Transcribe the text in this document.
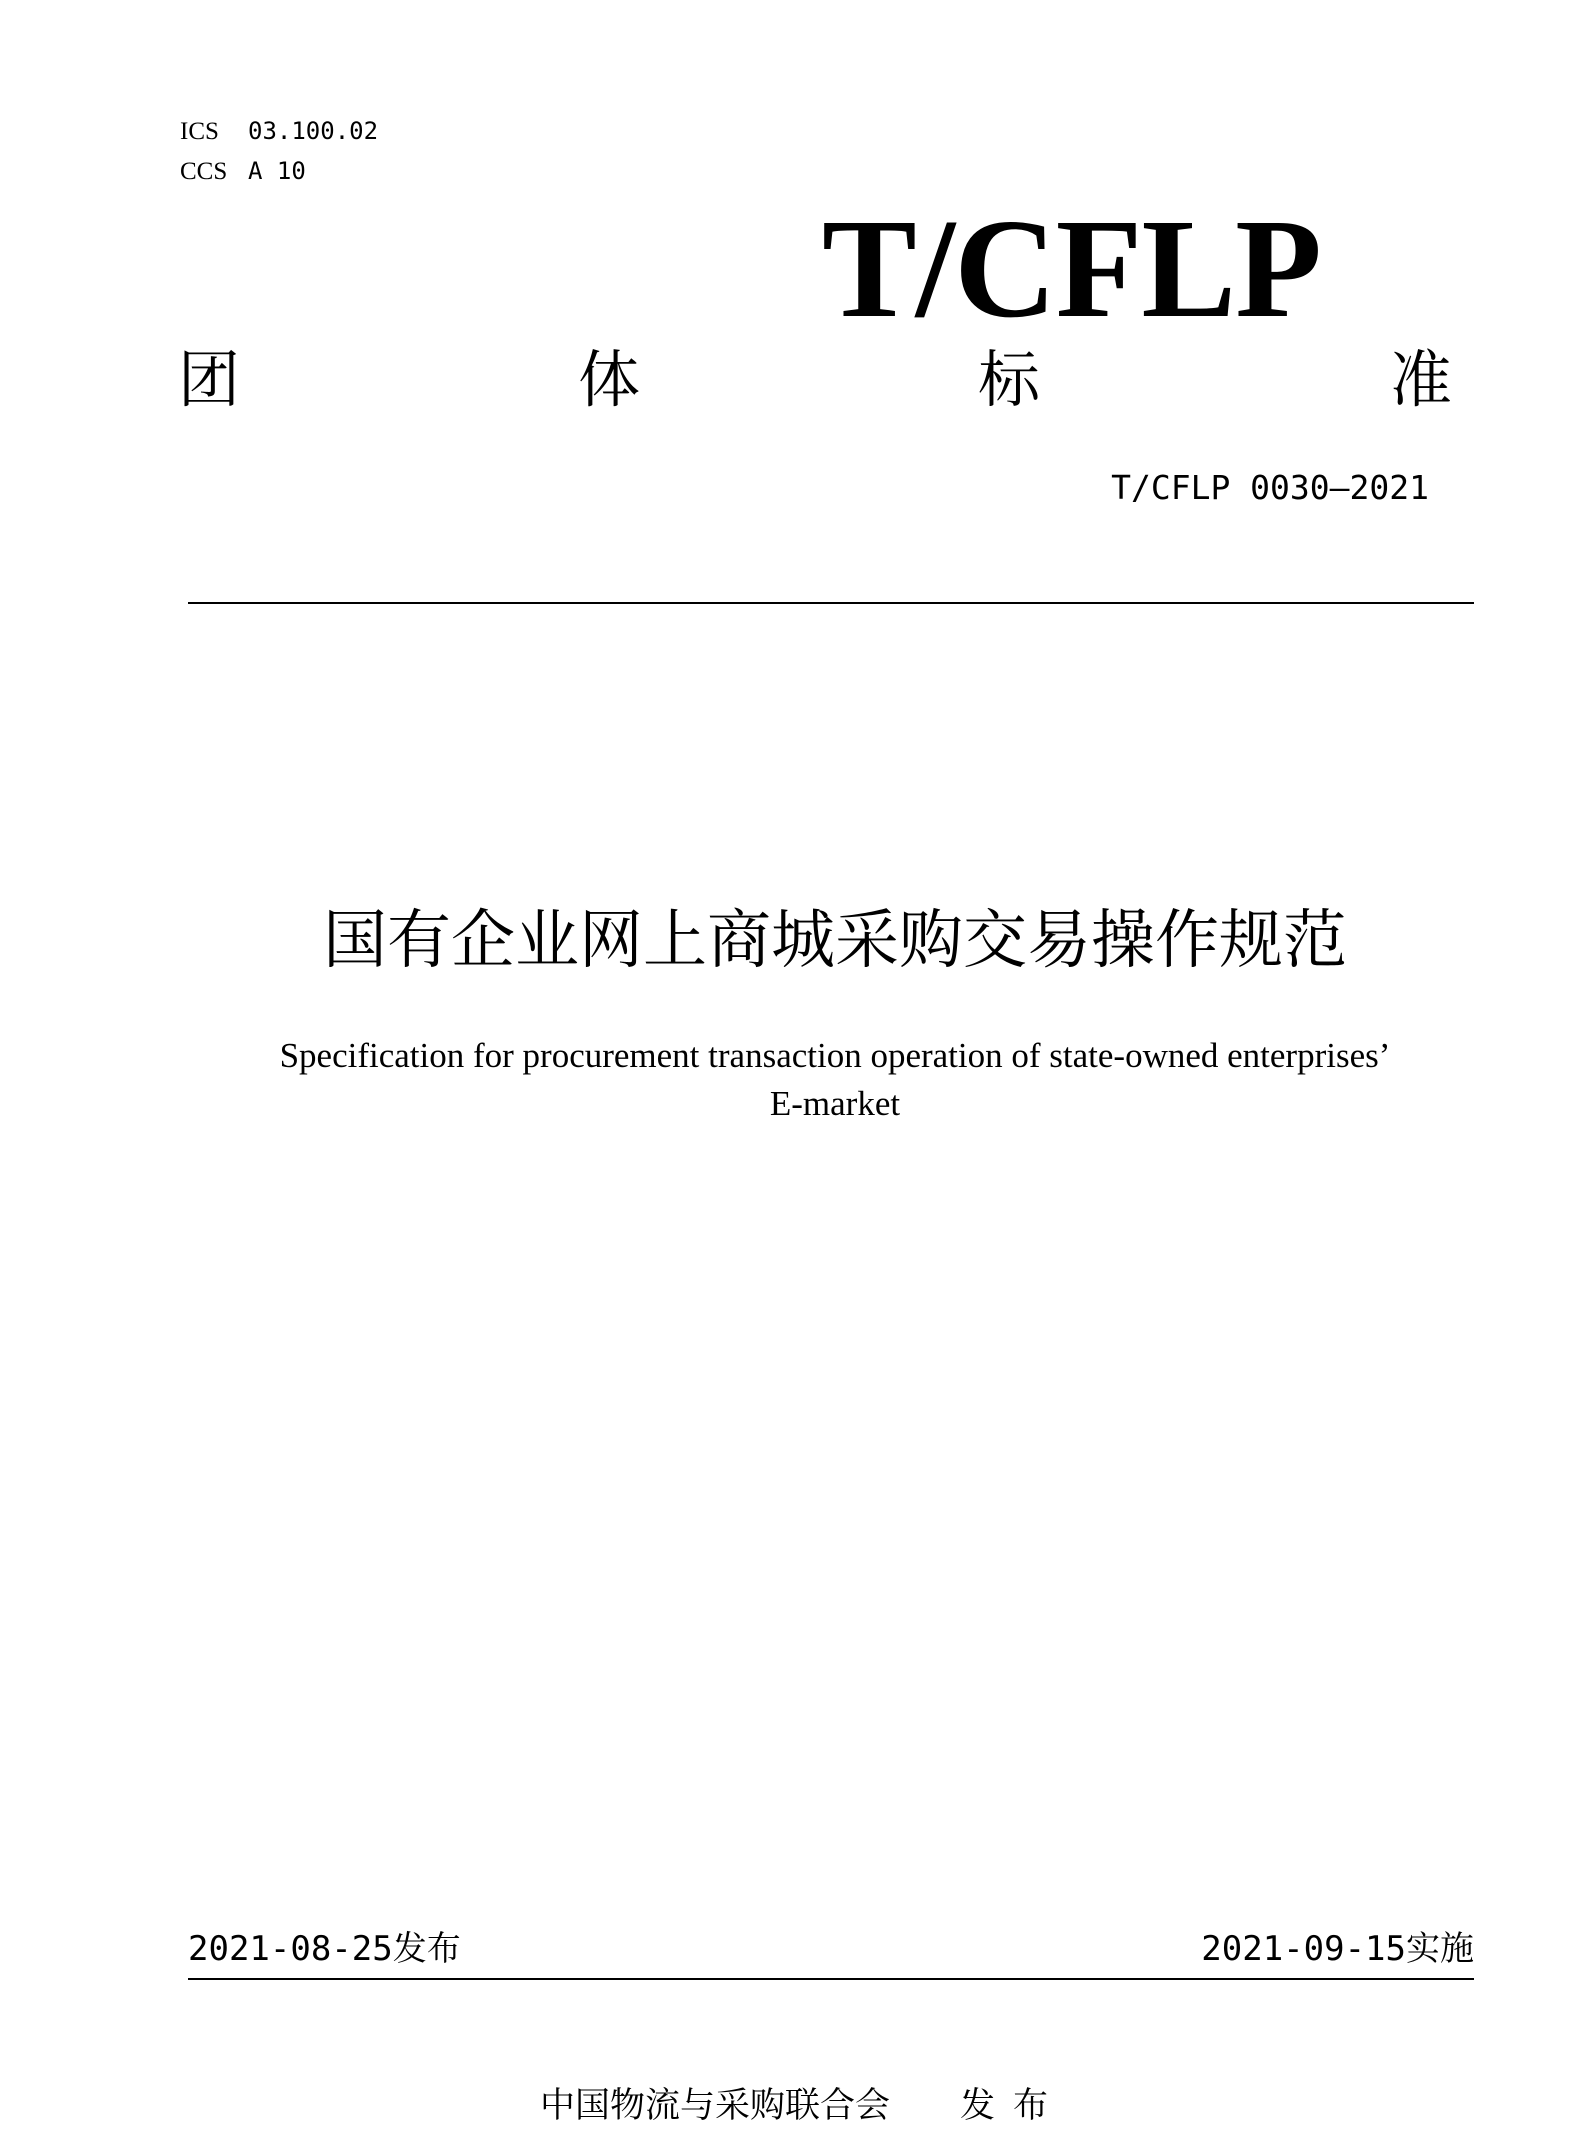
ICS 03.100.02
CCS A 10
T/CFLP
团	体	标	准
T/CFLP 0030—2021
国有企业网上商城采购交易操作规范
Specification for procurement transaction operation of state-owned enterprises’
E-market
2021-08-25发布	2021-09-15实施
中国物流与采购联合会 发布
